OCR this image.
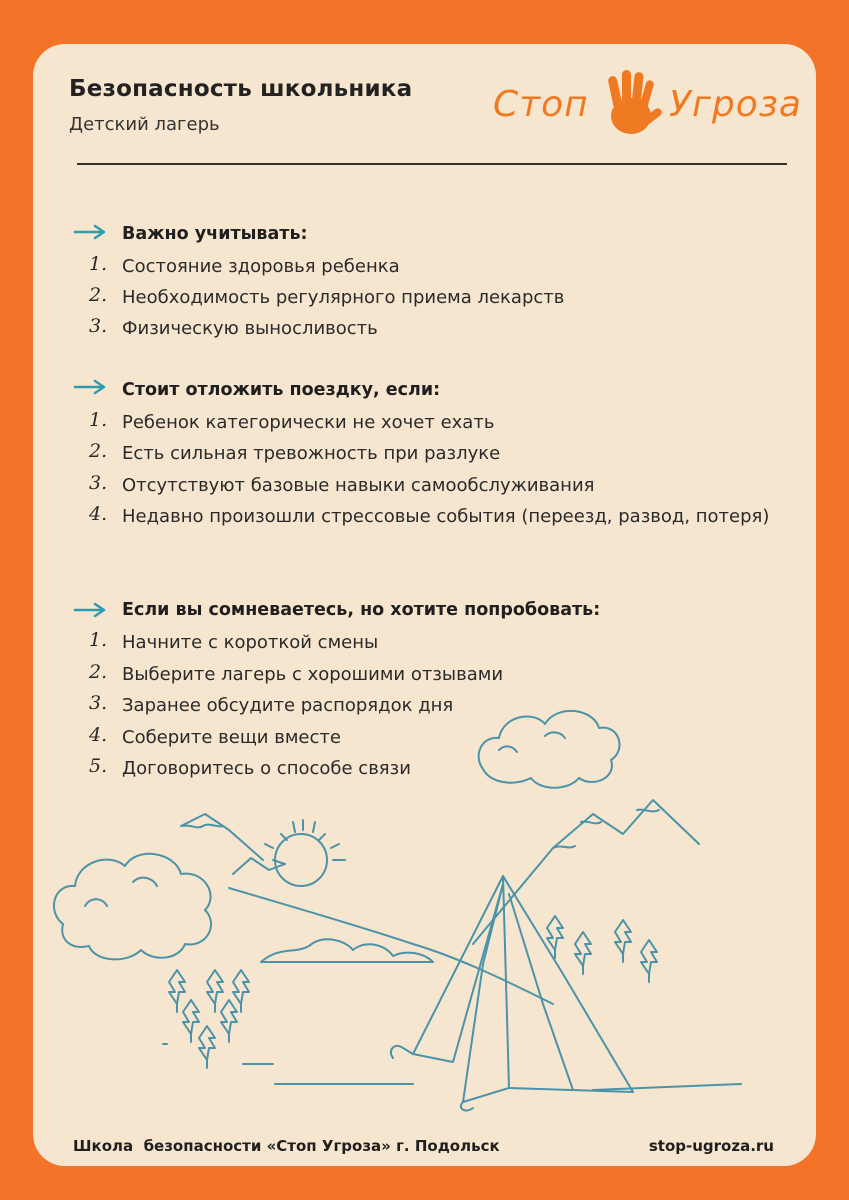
Безопасность школьника
Детский лагерь	Стоп Угроза
Важно учитывать:
1. Состояние здоровья ребенка
2. Необходимость регулярного приема лекарств
3. Физическую выносливость
Стоит отложить поездку, если:
1. Ребенок категорически не хочет ехать
2. Есть сильная тревожность при разлуке
3. Отсутствуют базовые навыки самообслуживания
4. Недавно произошли стрессовые события (переезд, развод, потеря)
Если вы сомневаетесь, но хотите попробовать:
1. Начните с короткой смены
2. Выберите лагерь с хорошими отзывами
3. Заранее обсудите распорядок дня
4. Соберите вещи вместе
5. Договоритесь о способе связи
Школа  безопасности «Стоп Угроза» г. Подольск	stop-ugroza.ru
